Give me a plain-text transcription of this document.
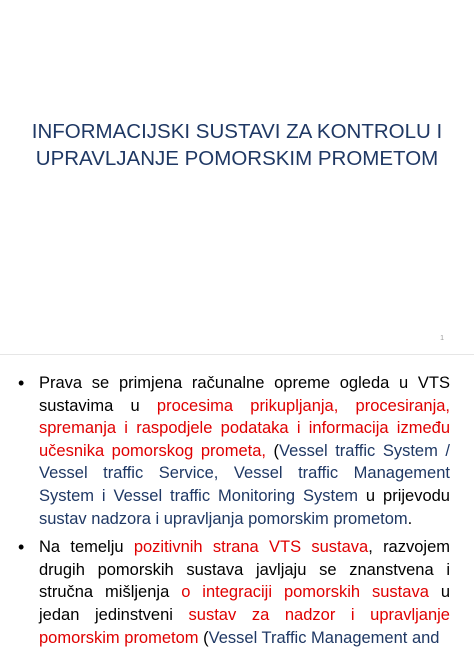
INFORMACIJSKI SUSTAVI ZA KONTROLU I
UPRAVLJANJE POMORSKIM PROMETOM
1
• Prava se primjena računalne opreme ogleda u VTS sustavima u procesima prikupljanja, procesiranja, spremanja i raspodjele podataka i informacija između učesnika pomorskog prometa, (Vessel traffic System / Vessel traffic Service, Vessel traffic Management System i Vessel traffic Monitoring System u prijevodu sustav nadzora i upravljanja pomorskim prometom.
• Na temelju pozitivnih strana VTS sustava, razvojem drugih pomorskih sustava javljaju se znanstvena i stručna mišljenja o integraciji pomorskih sustava u jedan jedinstveni sustav za nadzor i upravljanje pomorskim prometom (Vessel Traffic Management and
